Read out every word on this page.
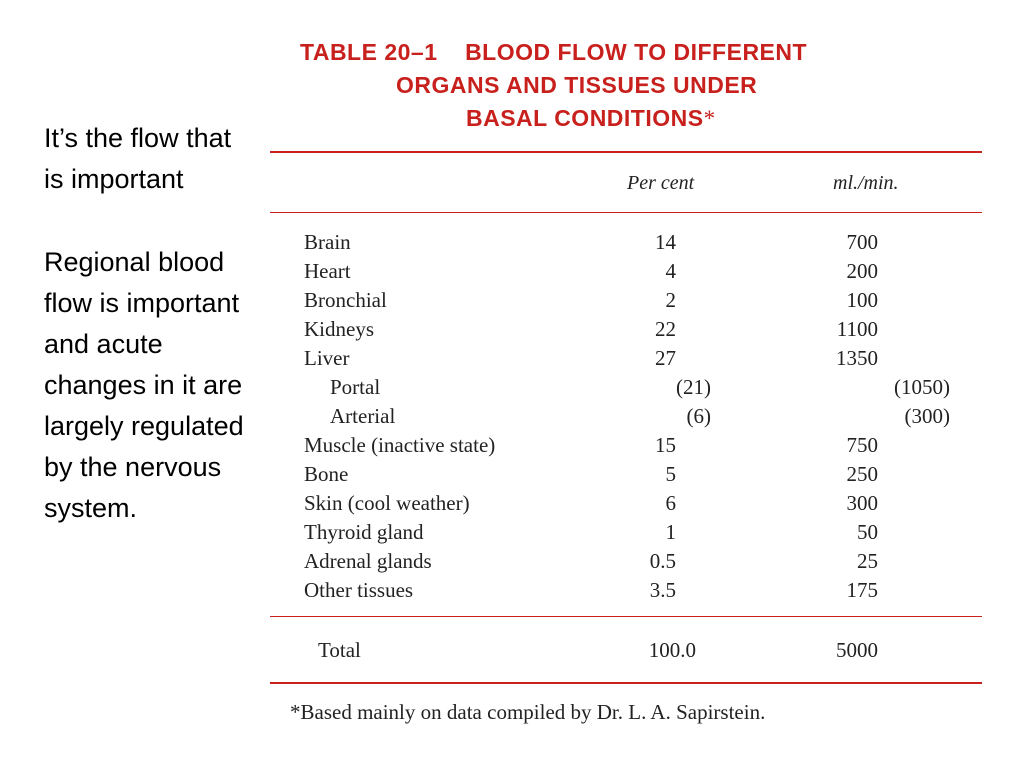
It’s the flow that is important

Regional blood flow is important and acute changes in it are largely regulated by the nervous system.

TABLE 20–1    BLOOD FLOW TO DIFFERENT
ORGANS AND TISSUES UNDER
BASAL CONDITIONS*
Per cent	ml./min.
Brain	14	700
Heart	4	200
Bronchial	2	100
Kidneys	22	1100
Liver	27	1350
Portal	(21)	(1050)
Arterial	(6)	(300)
Muscle (inactive state)	15	750
Bone	5	250
Skin (cool weather)	6	300
Thyroid gland	1	50
Adrenal glands	0.5	25
Other tissues	3.5	175
Total	100.0	5000
*Based mainly on data compiled by Dr. L. A. Sapirstein.
